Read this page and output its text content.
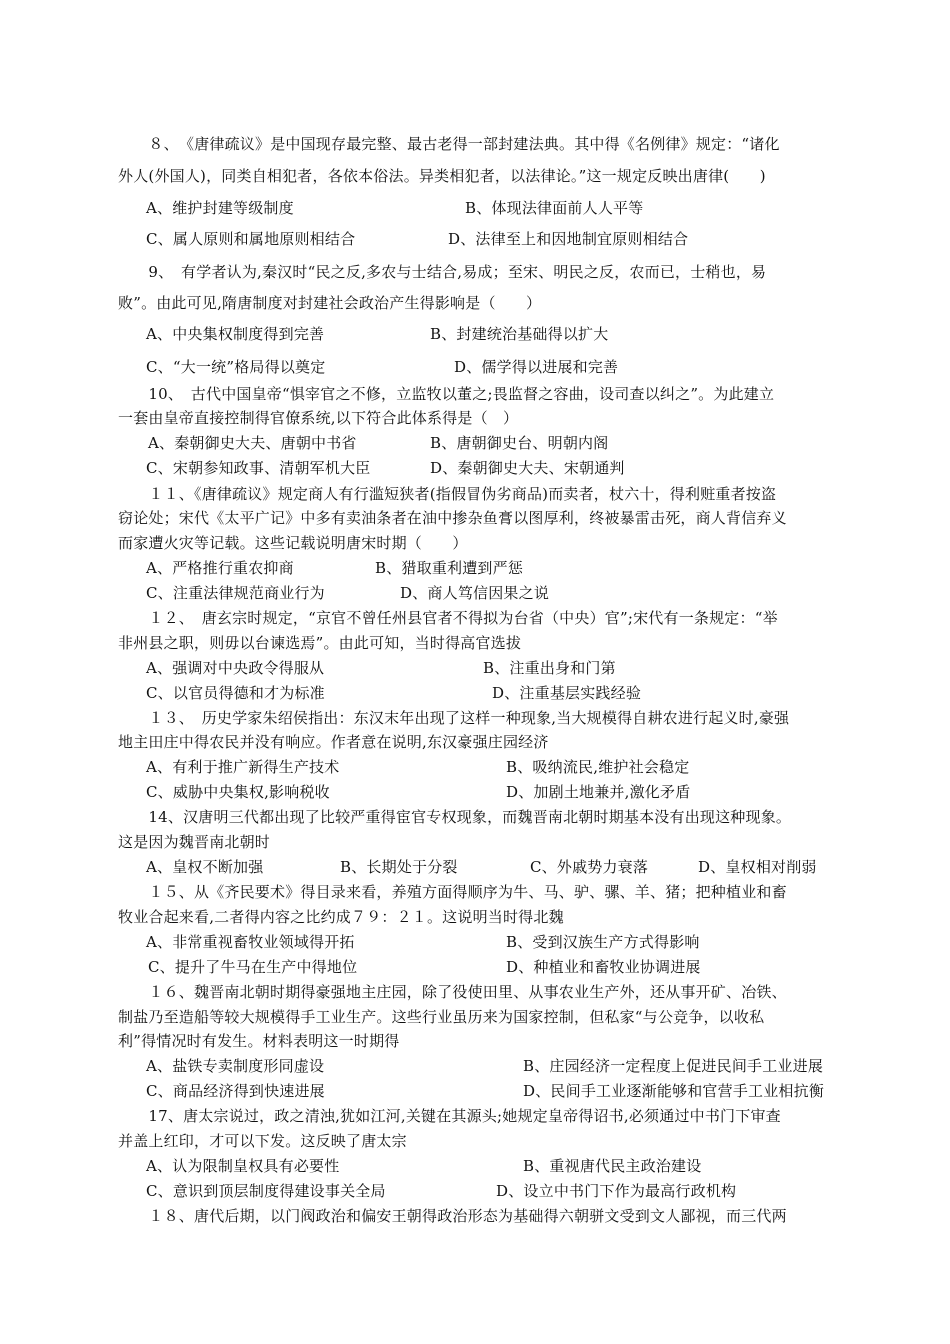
　　８、　《唐律疏议》是中国现存最完整、最古老得一部封建法典。其中得《名例律》规定：“诸化
外人(外国人)，同类自相犯者，各依本俗法。异类相犯者，以法律论。”这一规定反映出唐律(　　)
A、维护封建等级制度	B、体现法律面前人人平等
C、属人原则和属地原则相结合	D、法律至上和因地制宜原则相结合
　　9、　有学者认为,秦汉时“民之反,多农与士结合,易成；至宋、明民之反，农而已，士稍也，易
败”。由此可见,隋唐制度对封建社会政治产生得影响是（　　）
A、中央集权制度得到完善	B、封建统治基础得以扩大
C、“大一统”格局得以奠定	D、儒学得以进展和完善
　　10、　古代中国皇帝“惧宰官之不修，立监牧以董之;畏监督之容曲，设司查以纠之”。为此建立
一套由皇帝直接控制得官僚系统,以下符合此体系得是（　）
A、秦朝御史大夫、唐朝中书省	B、唐朝御史台、明朝内阁
C、宋朝参知政事、清朝军机大臣	D、秦朝御史大夫、宋朝通判
　　１１、《唐律疏议》规定商人有行滥短狭者(指假冒伪劣商品)而卖者，杖六十，得利赃重者按盗
窃论处；宋代《太平广记》中多有卖油条者在油中掺杂鱼膏以图厚利，终被暴雷击死，商人背信弃义
而家遭火灾等记载。这些记载说明唐宋时期（　　）
A、严格推行重农抑商	B、猎取重利遭到严惩
C、注重法律规范商业行为	D、商人笃信因果之说
　　１２、　唐玄宗时规定，“京官不曾任州县官者不得拟为台省（中央）官”;宋代有一条规定：“举
非州县之职，则毋以台谏选焉”。由此可知，当时得高官选拔
A、强调对中央政令得服从	B、注重出身和门第
C、以官员得德和才为标准	D、注重基层实践经验
　　１３、　历史学家朱绍侯指出：东汉末年出现了这样一种现象,当大规模得自耕农进行起义时,豪强
地主田庄中得农民并没有响应。作者意在说明,东汉豪强庄园经济
A、有利于推广新得生产技术	B、吸纳流民,维护社会稳定
C、威胁中央集权,影响税收	D、加剧土地兼并,激化矛盾
　　14、汉唐明三代都出现了比较严重得宦官专权现象，而魏晋南北朝时期基本没有出现这种现象。
这是因为魏晋南北朝时
A、皇权不断加强	B、长期处于分裂	C、外戚势力衰落	D、皇权相对削弱
　　１５、从《齐民要术》得目录来看，养殖方面得顺序为牛、马、驴、骡、羊、猪；把种植业和畜
牧业合起来看,二者得内容之比约成７９：２１。这说明当时得北魏
A、非常重视畜牧业领域得开拓	B、受到汉族生产方式得影响
C、提升了牛马在生产中得地位	D、种植业和畜牧业协调进展
　　１６、魏晋南北朝时期得豪强地主庄园，除了役使田里、从事农业生产外，还从事开矿、冶铁、
制盐乃至造船等较大规模得手工业生产。这些行业虽历来为国家控制，但私家“与公竞争，以收私
利”得情况时有发生。材料表明这一时期得
A、盐铁专卖制度形同虚设	B、庄园经济一定程度上促进民间手工业进展
C、商品经济得到快速进展	D、民间手工业逐渐能够和官营手工业相抗衡
　　17、唐太宗说过，政之清浊,犹如江河,关键在其源头;她规定皇帝得诏书,必须通过中书门下审查
并盖上红印，才可以下发。这反映了唐太宗
A、认为限制皇权具有必要性	B、重视唐代民主政治建设
C、意识到顶层制度得建设事关全局	D、设立中书门下作为最高行政机构
　　１８、唐代后期，以门阀政治和偏安王朝得政治形态为基础得六朝骈文受到文人鄙视，而三代两
